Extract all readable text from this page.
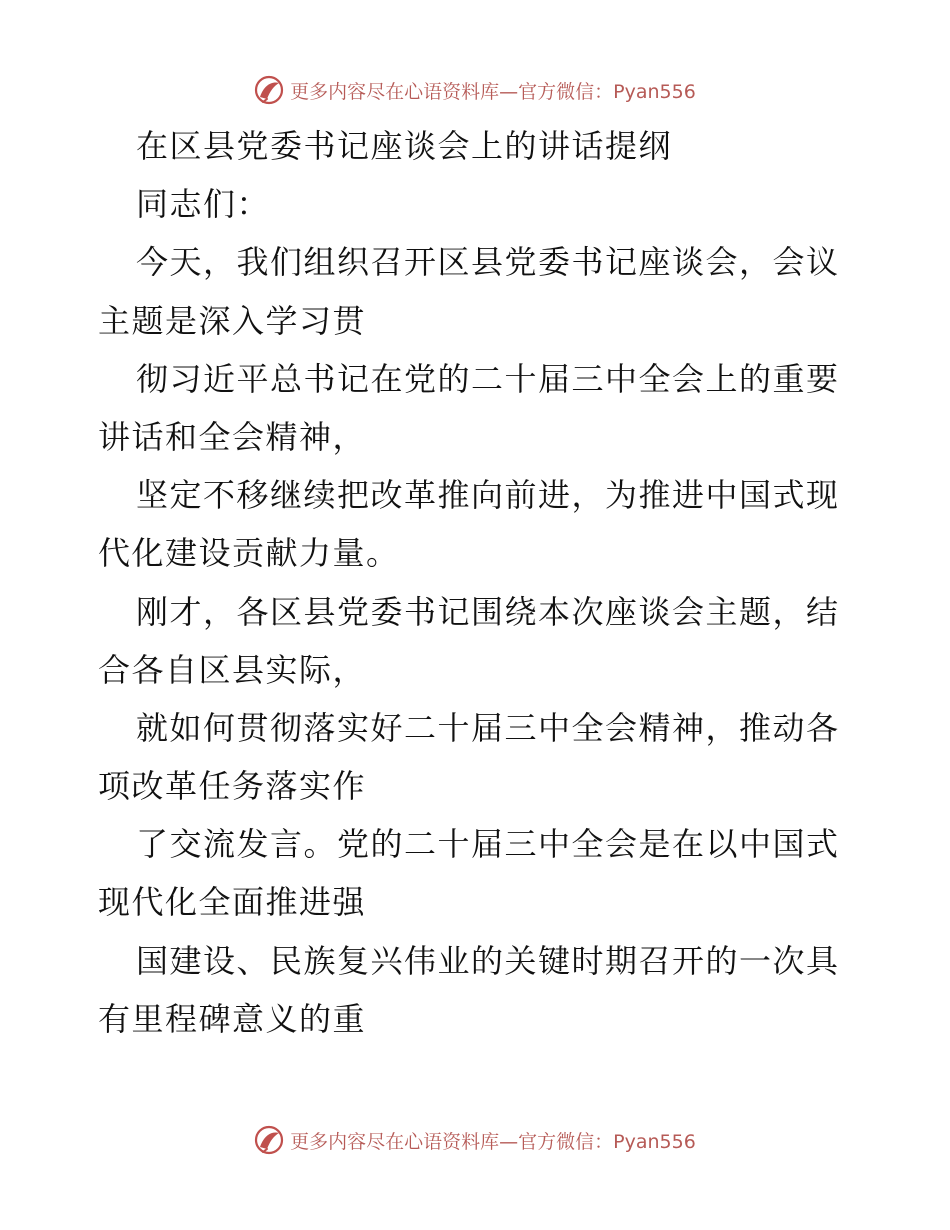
更多内容尽在心语资料库—官方微信：Pyan556
在区县党委书记座谈会上的讲话提纲
同志们：
今天，我们组织召开区县党委书记座谈会，会议
主题是深入学习贯
彻习近平总书记在党的二十届三中全会上的重要
讲话和全会精神，
坚定不移继续把改革推向前进，为推进中国式现
代化建设贡献力量。
刚才，各区县党委书记围绕本次座谈会主题，结
合各自区县实际，
就如何贯彻落实好二十届三中全会精神，推动各
项改革任务落实作
了交流发言。党的二十届三中全会是在以中国式
现代化全面推进强
国建设、民族复兴伟业的关键时期召开的一次具
有里程碑意义的重
更多内容尽在心语资料库—官方微信：Pyan556
